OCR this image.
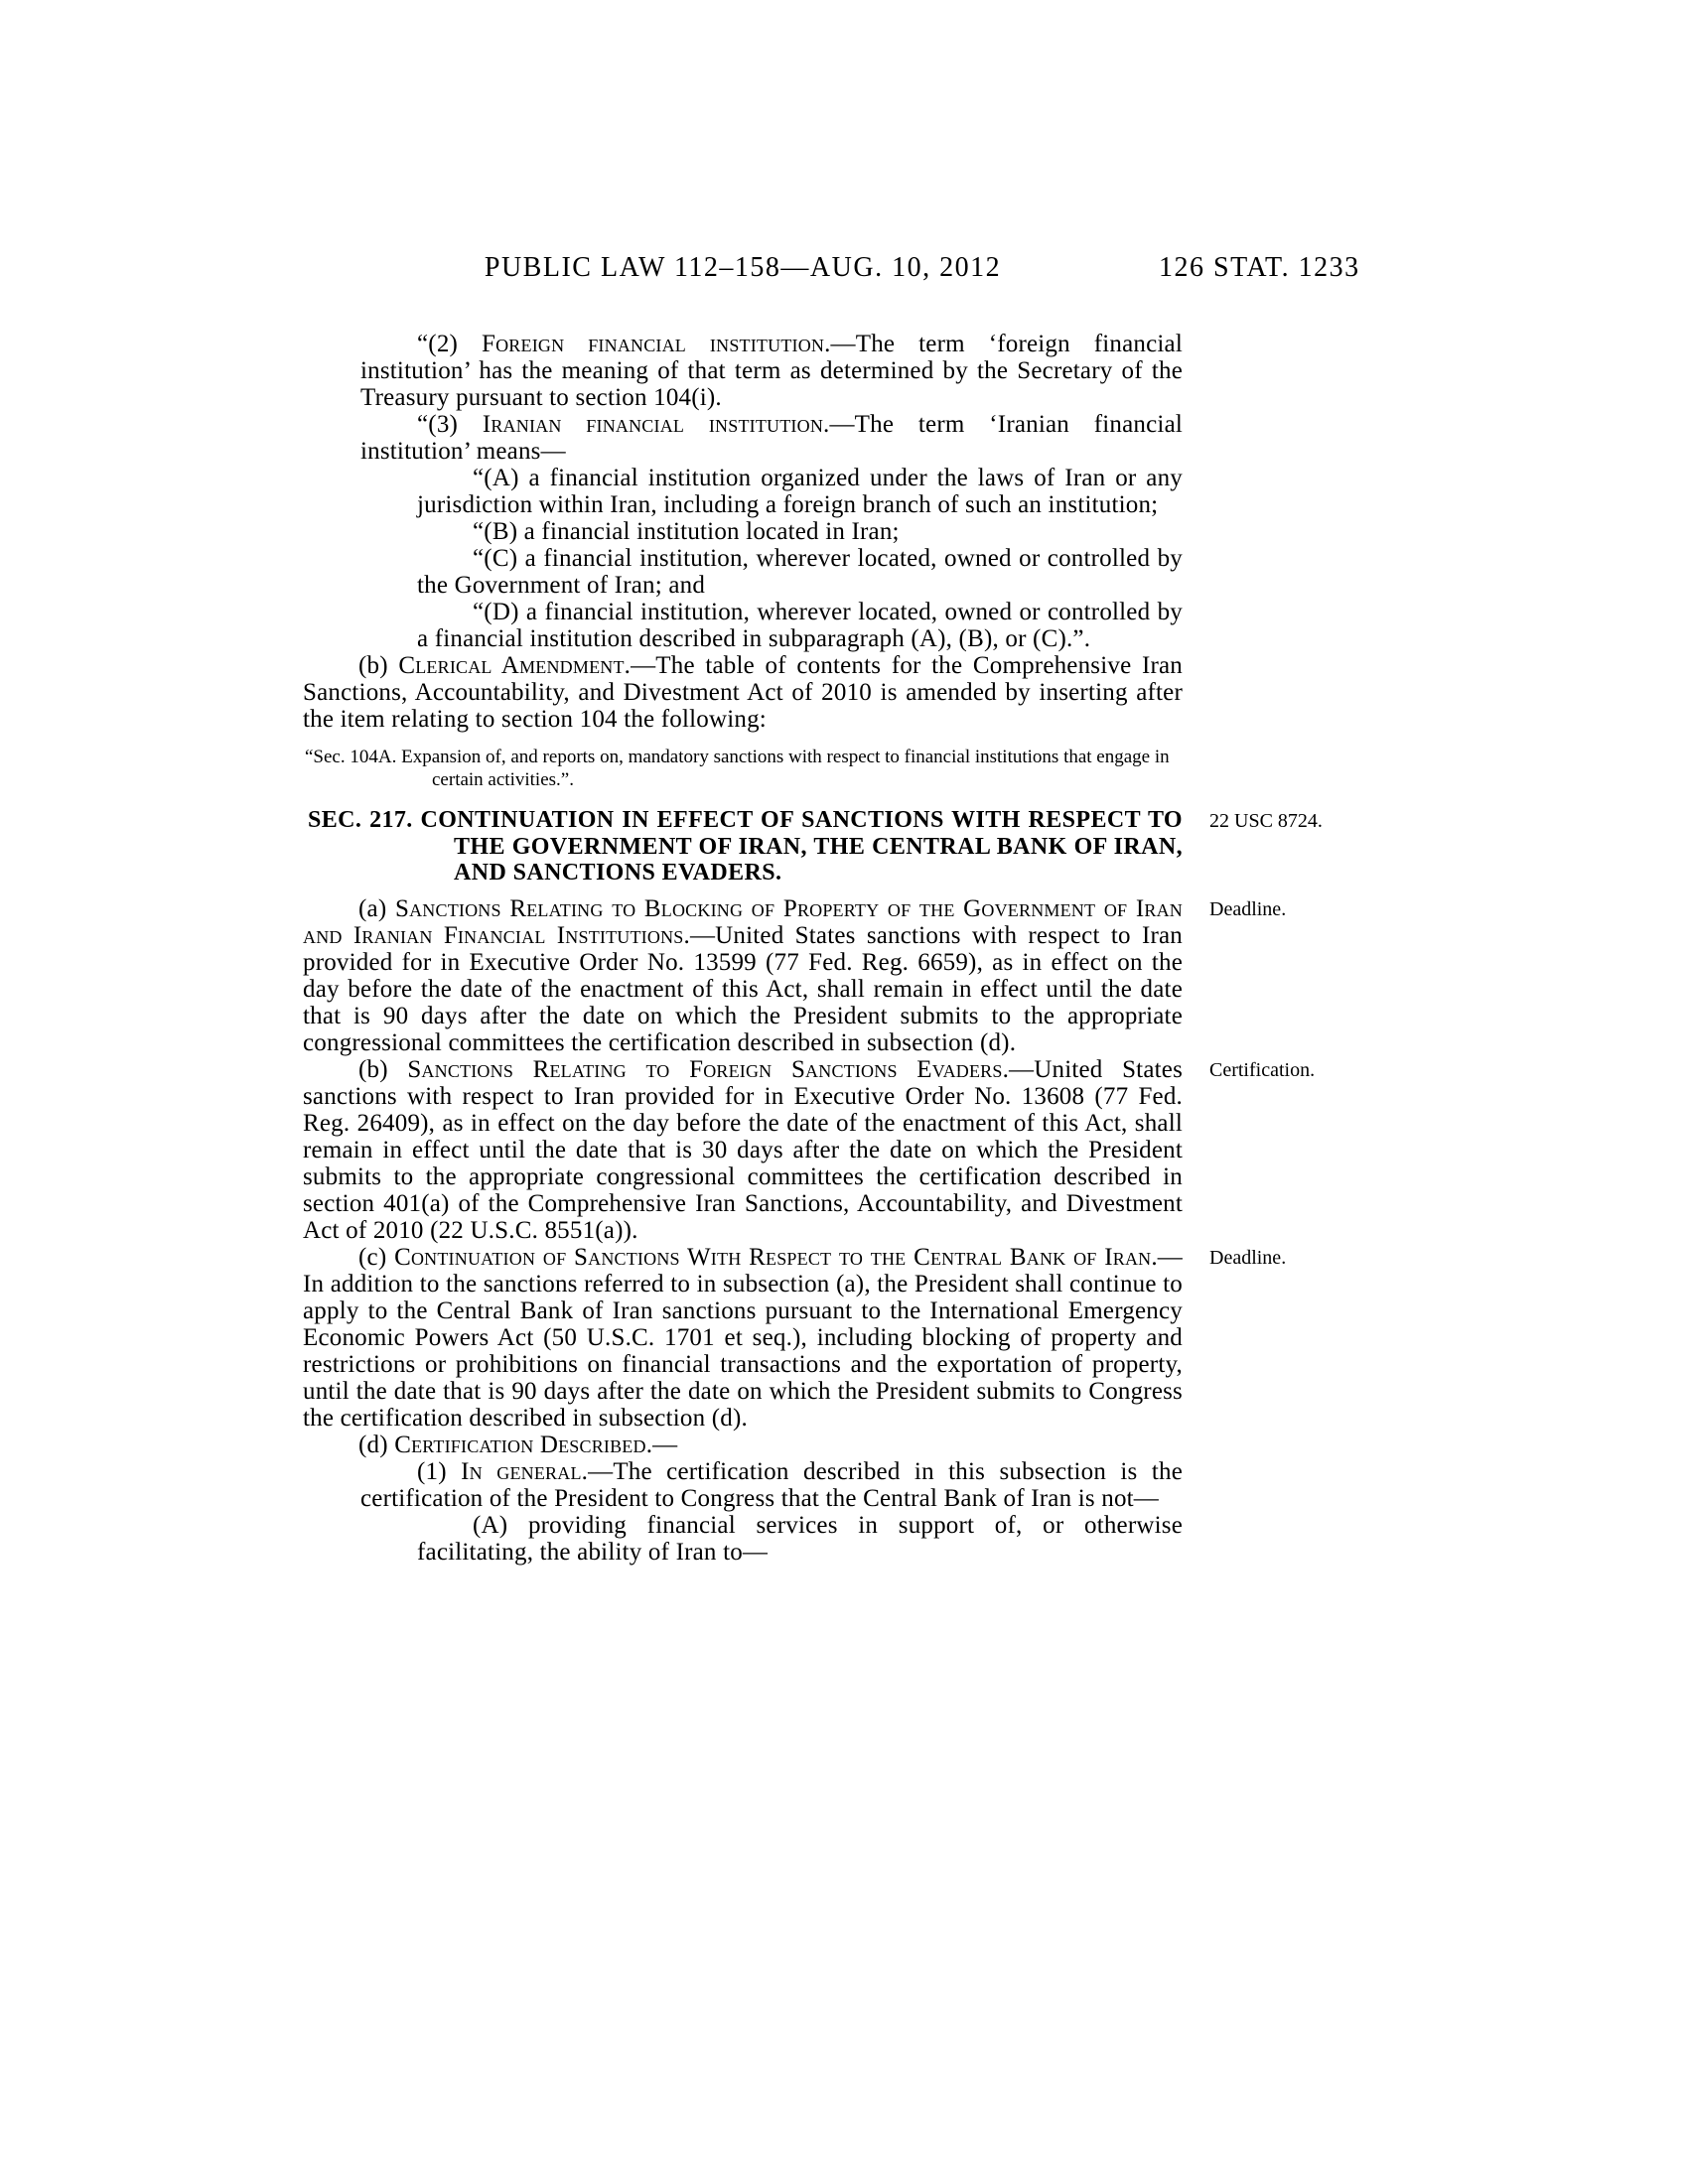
PUBLIC LAW 112–158—AUG. 10, 2012	126 STAT. 1233

“(2) Foreign financial institution.—The term ‘foreign financial institution’ has the meaning of that term as determined by the Secretary of the Treasury pursuant to section 104(i).

“(3) Iranian financial institution.—The term ‘Iranian financial institution’ means—

“(A) a financial institution organized under the laws of Iran or any jurisdiction within Iran, including a foreign branch of such an institution;

“(B) a financial institution located in Iran;

“(C) a financial institution, wherever located, owned or controlled by the Government of Iran; and

“(D) a financial institution, wherever located, owned or controlled by a financial institution described in subparagraph (A), (B), or (C).”.

(b) Clerical Amendment.—The table of contents for the Comprehensive Iran Sanctions, Accountability, and Divestment Act of 2010 is amended by inserting after the item relating to section 104 the following:

“Sec. 104A. Expansion of, and reports on, mandatory sanctions with respect to financial institutions that engage in certain activities.”.

SEC. 217. CONTINUATION IN EFFECT OF SANCTIONS WITH RESPECT TO THE GOVERNMENT OF IRAN, THE CENTRAL BANK OF IRAN, AND SANCTIONS EVADERS.
22 USC 8724.

(a) Sanctions Relating to Blocking of Property of the Government of Iran and Iranian Financial Institutions.—United States sanctions with respect to Iran provided for in Executive Order No. 13599 (77 Fed. Reg. 6659), as in effect on the day before the date of the enactment of this Act, shall remain in effect until the date that is 90 days after the date on which the President submits to the appropriate congressional committees the certification described in subsection (d).
Deadline.

(b) Sanctions Relating to Foreign Sanctions Evaders.—United States sanctions with respect to Iran provided for in Executive Order No. 13608 (77 Fed. Reg. 26409), as in effect on the day before the date of the enactment of this Act, shall remain in effect until the date that is 30 days after the date on which the President submits to the appropriate congressional committees the certification described in section 401(a) of the Comprehensive Iran Sanctions, Accountability, and Divestment Act of 2010 (22 U.S.C. 8551(a)).
Certification.

(c) Continuation of Sanctions With Respect to the Central Bank of Iran.—In addition to the sanctions referred to in subsection (a), the President shall continue to apply to the Central Bank of Iran sanctions pursuant to the International Emergency Economic Powers Act (50 U.S.C. 1701 et seq.), including blocking of property and restrictions or prohibitions on financial transactions and the exportation of property, until the date that is 90 days after the date on which the President submits to Congress the certification described in subsection (d).
Deadline.

(d) Certification Described.—

(1) In general.—The certification described in this subsection is the certification of the President to Congress that the Central Bank of Iran is not—

(A) providing financial services in support of, or otherwise facilitating, the ability of Iran to—
